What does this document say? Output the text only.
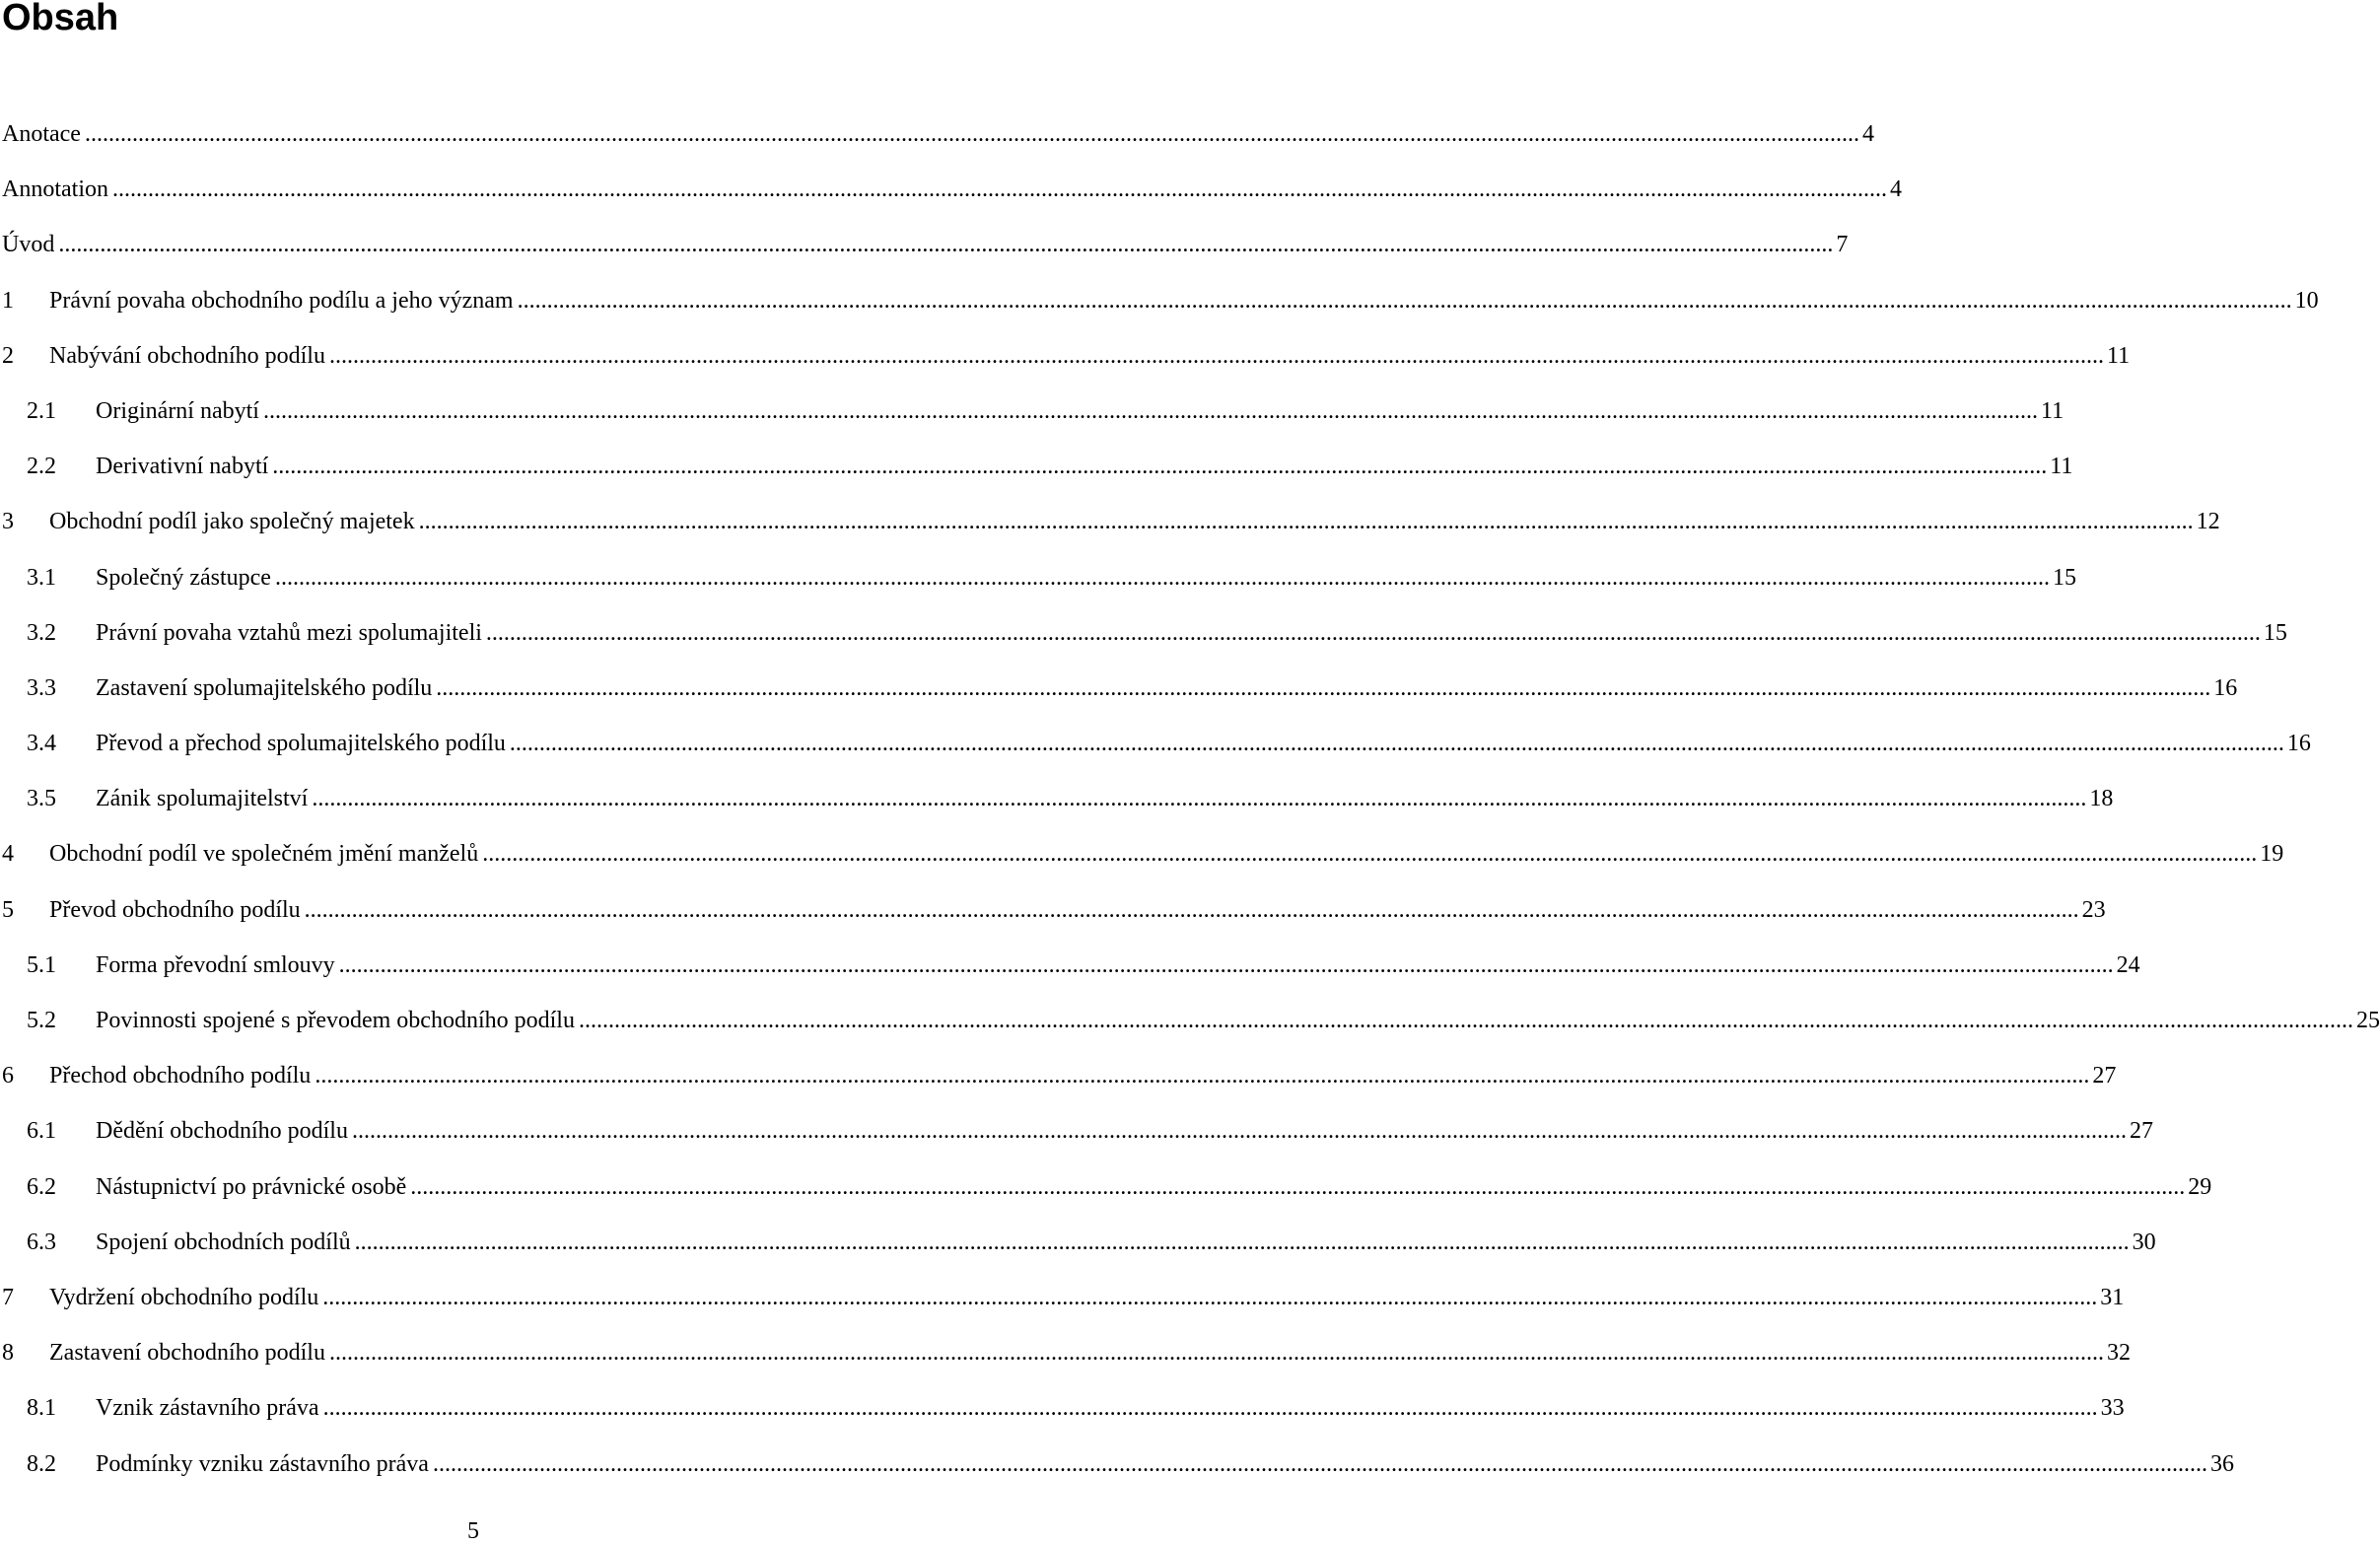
Obsah
Anotace ............................................................................................................................................................................................................................................................................................................ 4
Annotation ............................................................................................................................................................................................................................................................................................................ 4
Úvod ............................................................................................................................................................................................................................................................................................................ 7
1 Právní povaha obchodního podílu a jeho význam ............................................................................................................................................................................................................................................................................................................ 10
2 Nabývání obchodního podílu ............................................................................................................................................................................................................................................................................................................ 11
2.1 Originární nabytí ............................................................................................................................................................................................................................................................................................................ 11
2.2 Derivativní nabytí ............................................................................................................................................................................................................................................................................................................ 11
3 Obchodní podíl jako společný majetek ............................................................................................................................................................................................................................................................................................................ 12
3.1 Společný zástupce ............................................................................................................................................................................................................................................................................................................ 15
3.2 Právní povaha vztahů mezi spolumajiteli ............................................................................................................................................................................................................................................................................................................ 15
3.3 Zastavení spolumajitelského podílu ............................................................................................................................................................................................................................................................................................................ 16
3.4 Převod a přechod spolumajitelského podílu ............................................................................................................................................................................................................................................................................................................ 16
3.5 Zánik spolumajitelství ............................................................................................................................................................................................................................................................................................................ 18
4 Obchodní podíl ve společném jmění manželů ............................................................................................................................................................................................................................................................................................................ 19
5 Převod obchodního podílu ............................................................................................................................................................................................................................................................................................................ 23
5.1 Forma převodní smlouvy ............................................................................................................................................................................................................................................................................................................ 24
5.2 Povinnosti spojené s převodem obchodního podílu ............................................................................................................................................................................................................................................................................................................ 25
6 Přechod obchodního podílu ............................................................................................................................................................................................................................................................................................................ 27
6.1 Dědění obchodního podílu ............................................................................................................................................................................................................................................................................................................ 27
6.2 Nástupnictví po právnické osobě ............................................................................................................................................................................................................................................................................................................ 29
6.3 Spojení obchodních podílů ............................................................................................................................................................................................................................................................................................................ 30
7 Vydržení obchodního podílu ............................................................................................................................................................................................................................................................................................................ 31
8 Zastavení obchodního podílu ............................................................................................................................................................................................................................................................................................................ 32
8.1 Vznik zástavního práva ............................................................................................................................................................................................................................................................................................................ 33
8.2 Podmínky vzniku zástavního práva ............................................................................................................................................................................................................................................................................................................ 36
5
